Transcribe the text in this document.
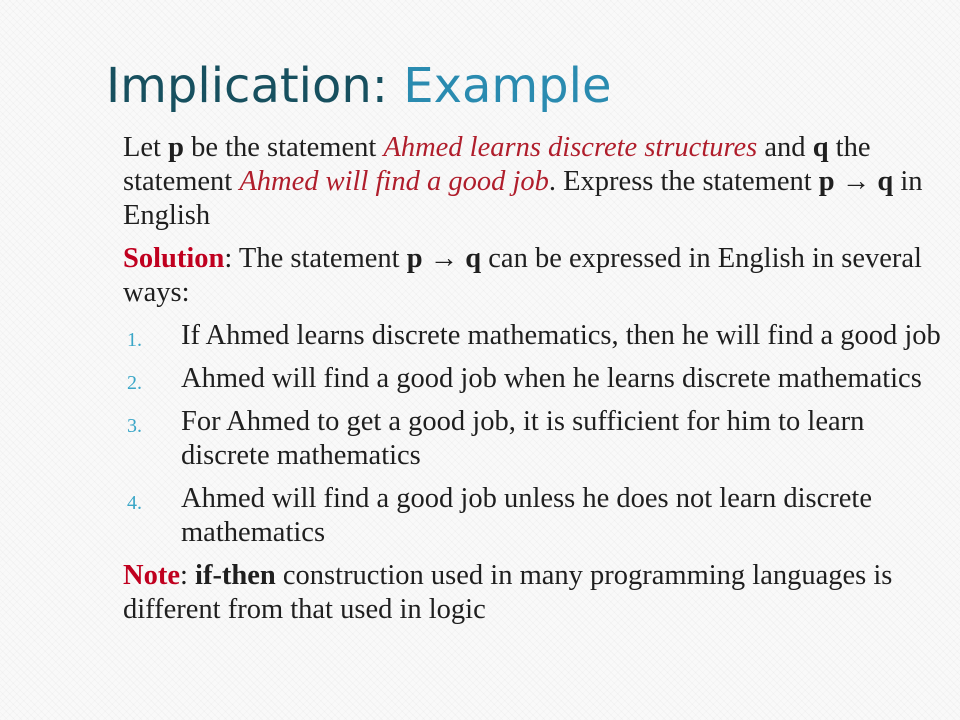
Implication: Example

Let p be the statement Ahmed learns discrete structures and q the statement Ahmed will find a good job. Express the statement p → q in English

Solution: The statement p → q can be expressed in English in several ways:

1. If Ahmed learns discrete mathematics, then he will find a good job
2. Ahmed will find a good job when he learns discrete mathematics
3. For Ahmed to get a good job, it is sufficient for him to learn discrete mathematics
4. Ahmed will find a good job unless he does not learn discrete mathematics

Note: if-then construction used in many programming languages is different from that used in logic
